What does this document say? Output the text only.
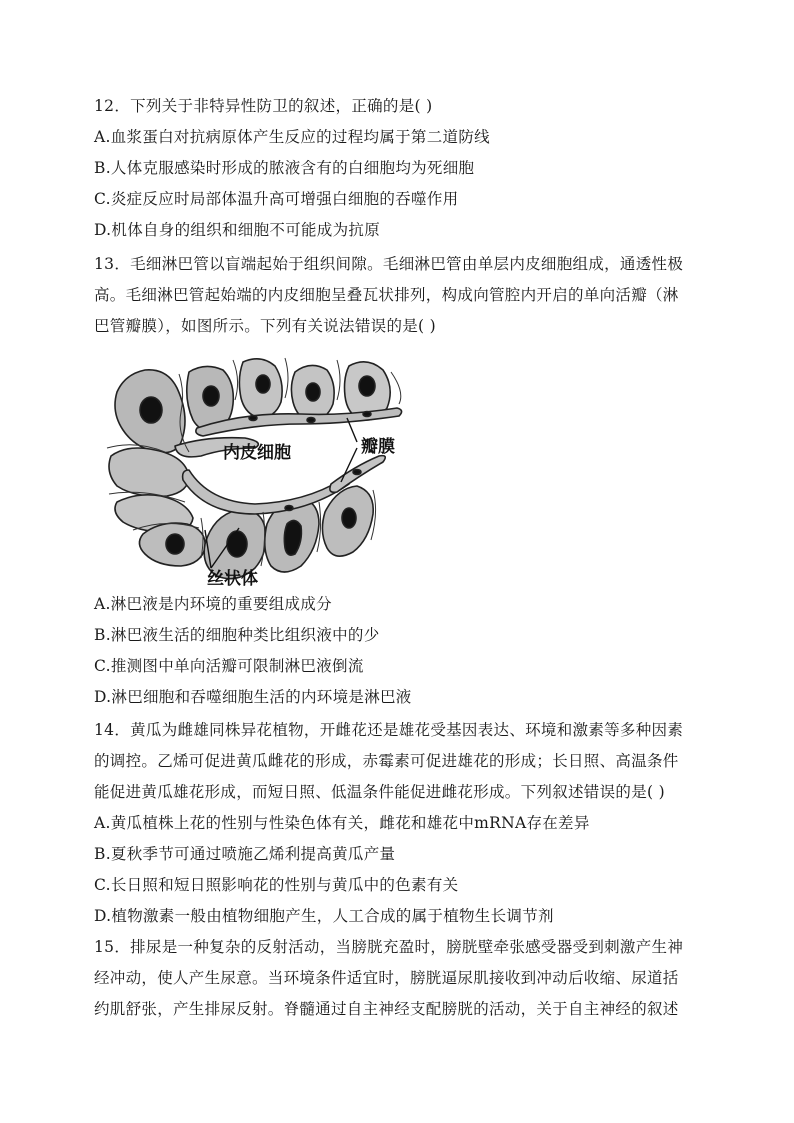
12．下列关于非特异性防卫的叙述，正确的是( )
A.血浆蛋白对抗病原体产生反应的过程均属于第二道防线
B.人体克服感染时形成的脓液含有的白细胞均为死细胞
C.炎症反应时局部体温升高可增强白细胞的吞噬作用
D.机体自身的组织和细胞不可能成为抗原
13．毛细淋巴管以盲端起始于组织间隙。毛细淋巴管由单层内皮细胞组成，通透性极
高。毛细淋巴管起始端的内皮细胞呈叠瓦状排列，构成向管腔内开启的单向活瓣（淋
巴管瓣膜），如图所示。下列有关说法错误的是( )
内皮细胞	瓣膜
丝状体
A.淋巴液是内环境的重要组成成分
B.淋巴液生活的细胞种类比组织液中的少
C.推测图中单向活瓣可限制淋巴液倒流
D.淋巴细胞和吞噬细胞生活的内环境是淋巴液
14．黄瓜为雌雄同株异花植物，开雌花还是雄花受基因表达、环境和激素等多种因素
的调控。乙烯可促进黄瓜雌花的形成，赤霉素可促进雄花的形成；长日照、高温条件
能促进黄瓜雄花形成，而短日照、低温条件能促进雌花形成。下列叙述错误的是( )
A.黄瓜植株上花的性别与性染色体有关，雌花和雄花中mRNA存在差异
B.夏秋季节可通过喷施乙烯利提高黄瓜产量
C.长日照和短日照影响花的性别与黄瓜中的色素有关
D.植物激素一般由植物细胞产生，人工合成的属于植物生长调节剂
15．排尿是一种复杂的反射活动，当膀胱充盈时，膀胱壁牵张感受器受到刺激产生神
经冲动，使人产生尿意。当环境条件适宜时，膀胱逼尿肌接收到冲动后收缩、尿道括
约肌舒张，产生排尿反射。脊髓通过自主神经支配膀胱的活动，关于自主神经的叙述
